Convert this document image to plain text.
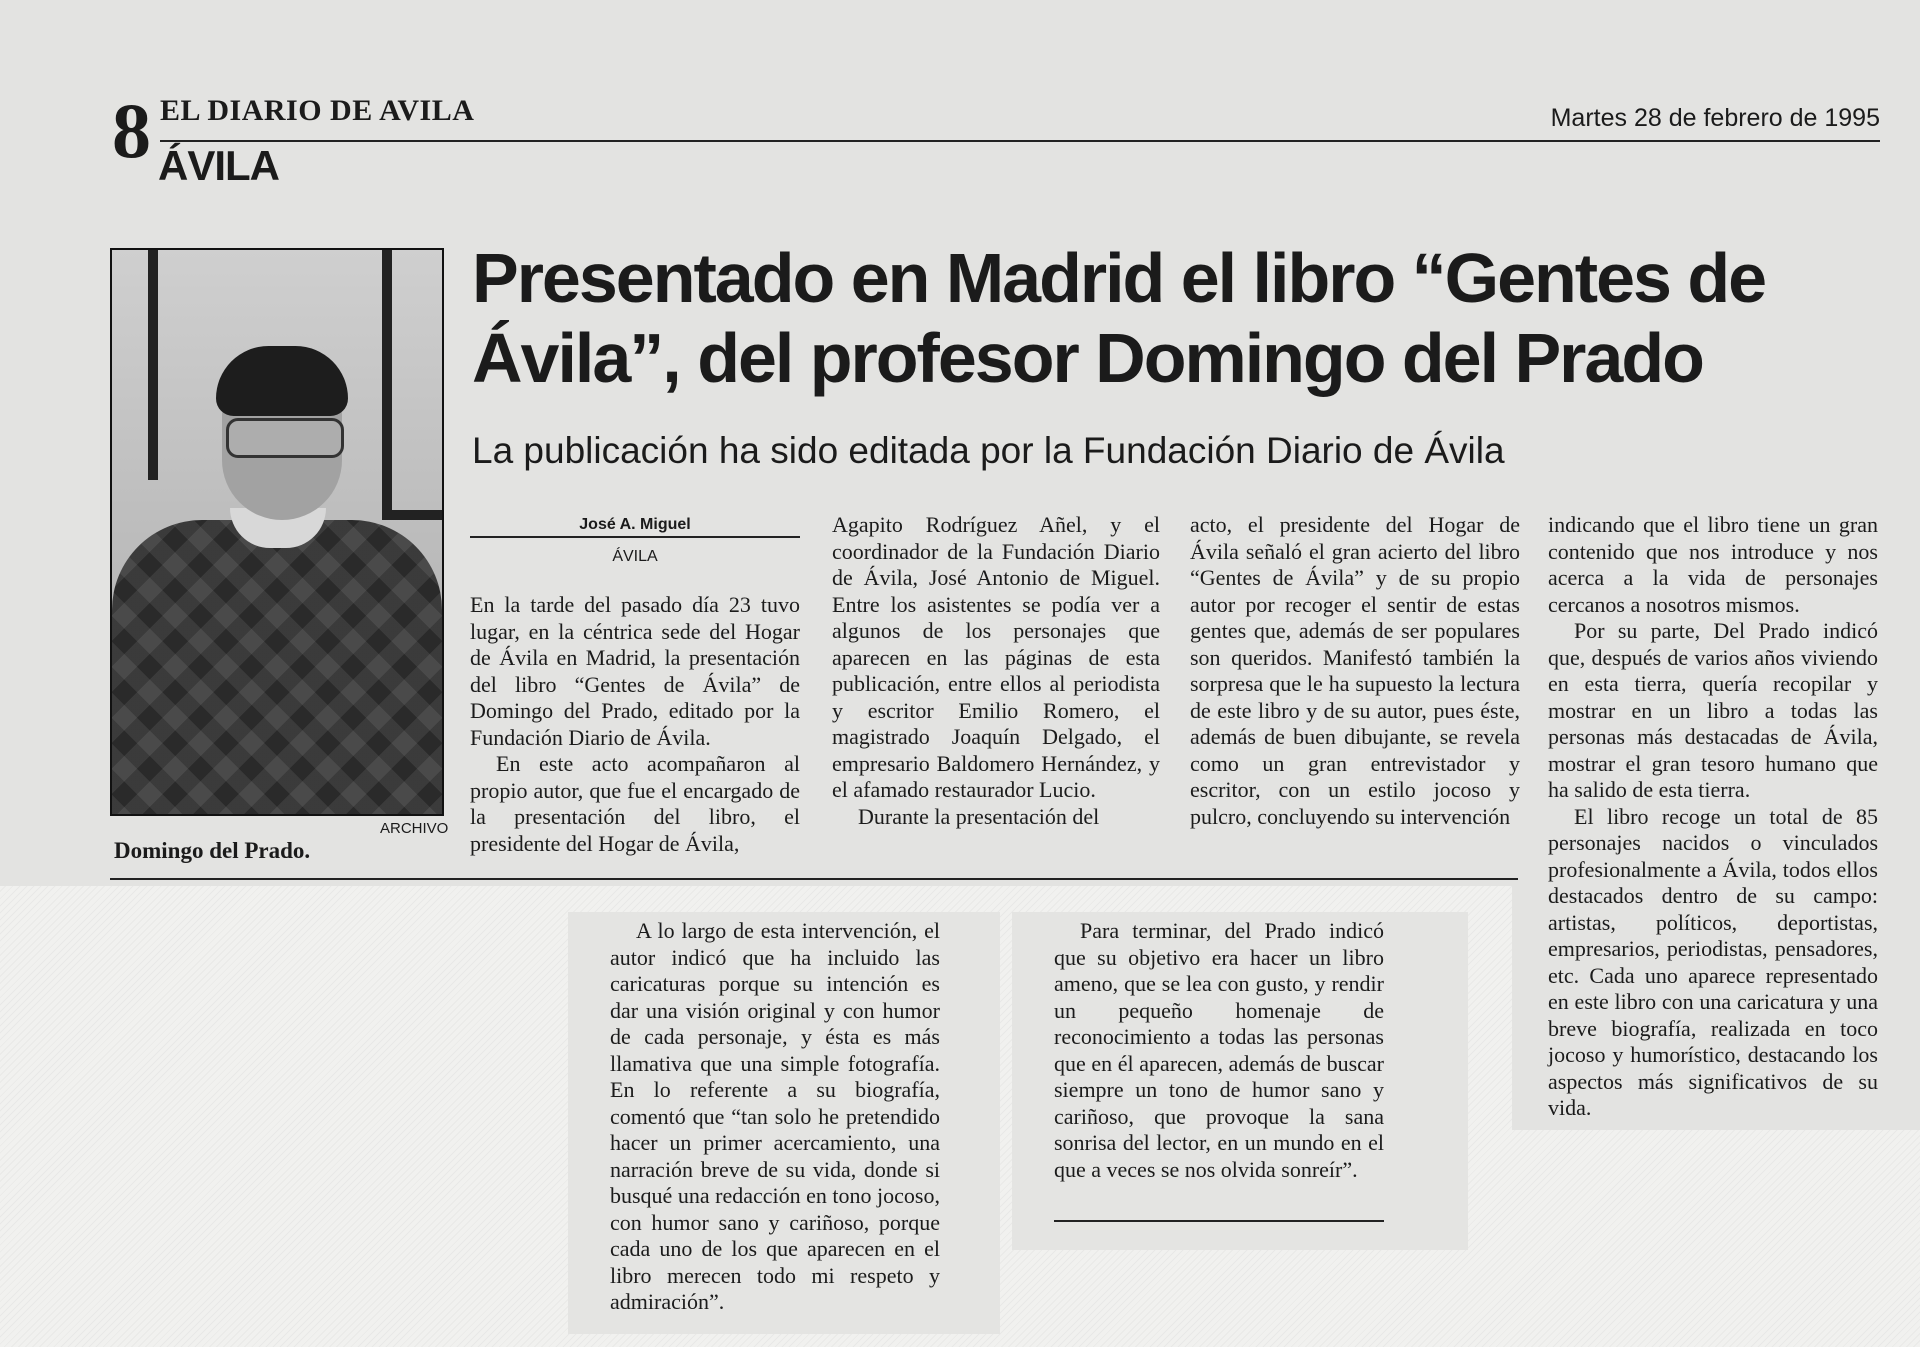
8 EL DIARIO DE AVILA
ÁVILA
Martes 28 de febrero de 1995
ARCHIVO
Domingo del Prado.
Presentado en Madrid el libro “Gentes de Ávila”, del profesor Domingo del Prado
La publicación ha sido editada por la Fundación Diario de Ávila
José A. Miguel
ÁVILA

En la tarde del pasado día 23 tuvo lugar, en la céntrica sede del Hogar de Ávila en Madrid, la presentación del libro “Gentes de Ávila” de Domingo del Prado, editado por la Fundación Diario de Ávila.

En este acto acompañaron al propio autor, que fue el encargado de la presentación del libro, el presidente del Hogar de Ávila,

Agapito Rodríguez Añel, y el coordinador de la Fundación Diario de Ávila, José Antonio de Miguel. Entre los asistentes se podía ver a algunos de los personajes que aparecen en las páginas de esta publicación, entre ellos al periodista y escritor Emilio Romero, el magistrado Joaquín Delgado, el empresario Baldomero Hernández, y el afamado restaurador Lucio.

Durante la presentación del

acto, el presidente del Hogar de Ávila señaló el gran acierto del libro “Gentes de Ávila” y de su propio autor por recoger el sentir de estas gentes que, además de ser populares son queridos. Manifestó también la sorpresa que le ha supuesto la lectura de este libro y de su autor, pues éste, además de buen dibujante, se revela como un gran entrevistador y escritor, con un estilo jocoso y pulcro, concluyendo su intervención

indicando que el libro tiene un gran contenido que nos introduce y nos acerca a la vida de personajes cercanos a nosotros mismos.

Por su parte, Del Prado indicó que, después de varios años viviendo en esta tierra, quería recopilar y mostrar en un libro a todas las personas más destacadas de Ávila, mostrar el gran tesoro humano que ha salido de esta tierra.

El libro recoge un total de 85 personajes nacidos o vinculados profesionalmente a Ávila, todos ellos destacados dentro de su campo: artistas, políticos, deportistas, empresarios, periodistas, pensadores, etc. Cada uno aparece representado en este libro con una caricatura y una breve biografía, realizada en toco jocoso y humorístico, destacando los aspectos más significativos de su vida.

A lo largo de esta intervención, el autor indicó que ha incluido las caricaturas porque su intención es dar una visión original y con humor de cada personaje, y ésta es más llamativa que una simple fotografía. En lo referente a su biografía, comentó que “tan solo he pretendido hacer un primer acercamiento, una narración breve de su vida, donde si busqué una redacción en tono jocoso, con humor sano y cariñoso, porque cada uno de los que aparecen en el libro merecen todo mi respeto y admiración”.

Para terminar, del Prado indicó que su objetivo era hacer un libro ameno, que se lea con gusto, y rendir un pequeño homenaje de reconocimiento a todas las personas que en él aparecen, además de buscar siempre un tono de humor sano y cariñoso, que provoque la sana sonrisa del lector, en un mundo en el que a veces se nos olvida sonreír”.
